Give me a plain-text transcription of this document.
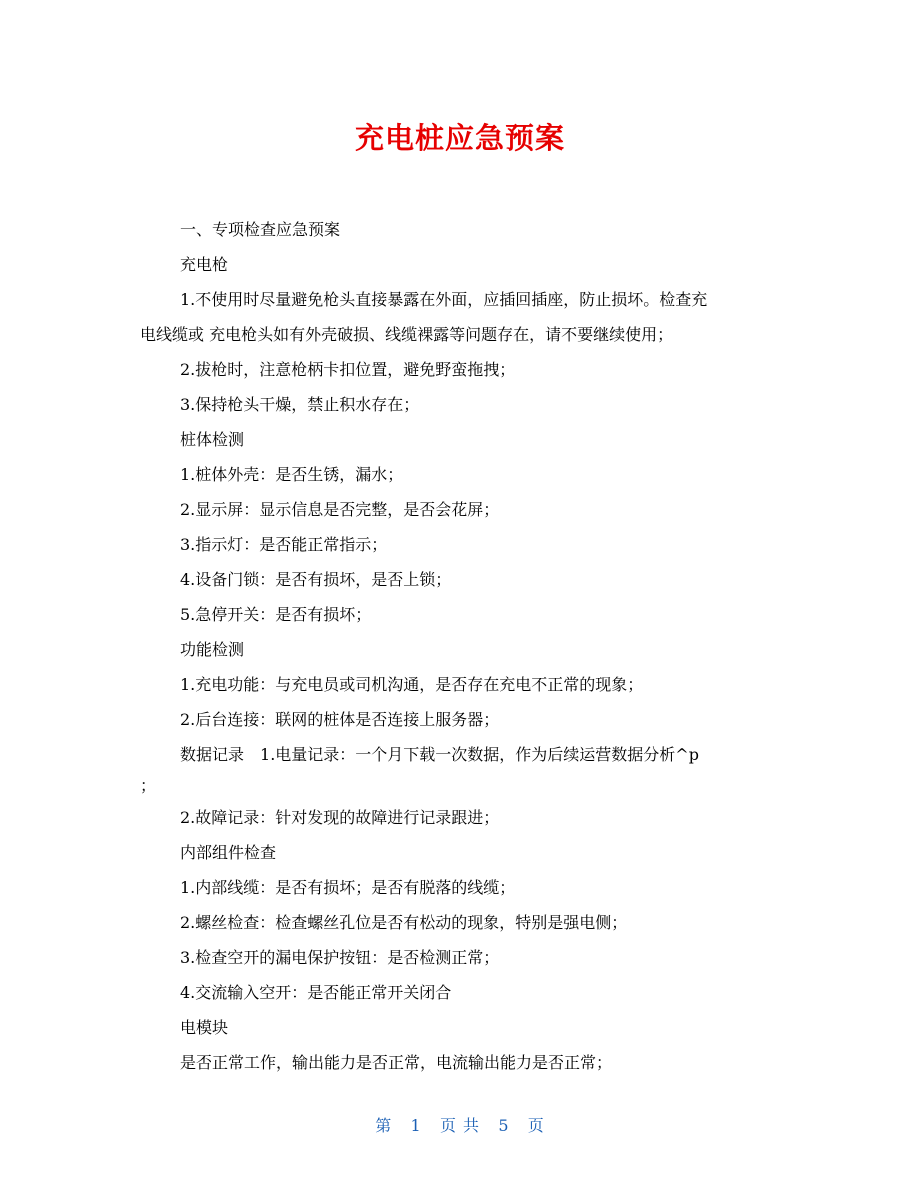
充电桩应急预案
一、专项检查应急预案
充电枪
1.不使用时尽量避免枪头直接暴露在外面，应插回插座，防止损坏。检查充
电线缆或 充电枪头如有外壳破损、线缆裸露等问题存在，请不要继续使用；
2.拔枪时，注意枪柄卡扣位置，避免野蛮拖拽；
3.保持枪头干燥，禁止积水存在；
桩体检测
1.桩体外壳：是否生锈，漏水；
2.显示屏：显示信息是否完整，是否会花屏；
3.指示灯：是否能正常指示；
4.设备门锁：是否有损坏，是否上锁；
5.急停开关：是否有损坏；
功能检测
1.充电功能：与充电员或司机沟通，是否存在充电不正常的现象；
2.后台连接：联网的桩体是否连接上服务器；
数据记录 1.电量记录：一个月下载一次数据，作为后续运营数据分析^p
；
2.故障记录：针对发现的故障进行记录跟进；
内部组件检查
1.内部线缆：是否有损坏；是否有脱落的线缆；
2.螺丝检查：检查螺丝孔位是否有松动的现象，特别是强电侧；
3.检查空开的漏电保护按钮：是否检测正常；
4.交流输入空开：是否能正常开关闭合
电模块
是否正常工作，输出能力是否正常，电流输出能力是否正常；
第 1 页 共 5 页
